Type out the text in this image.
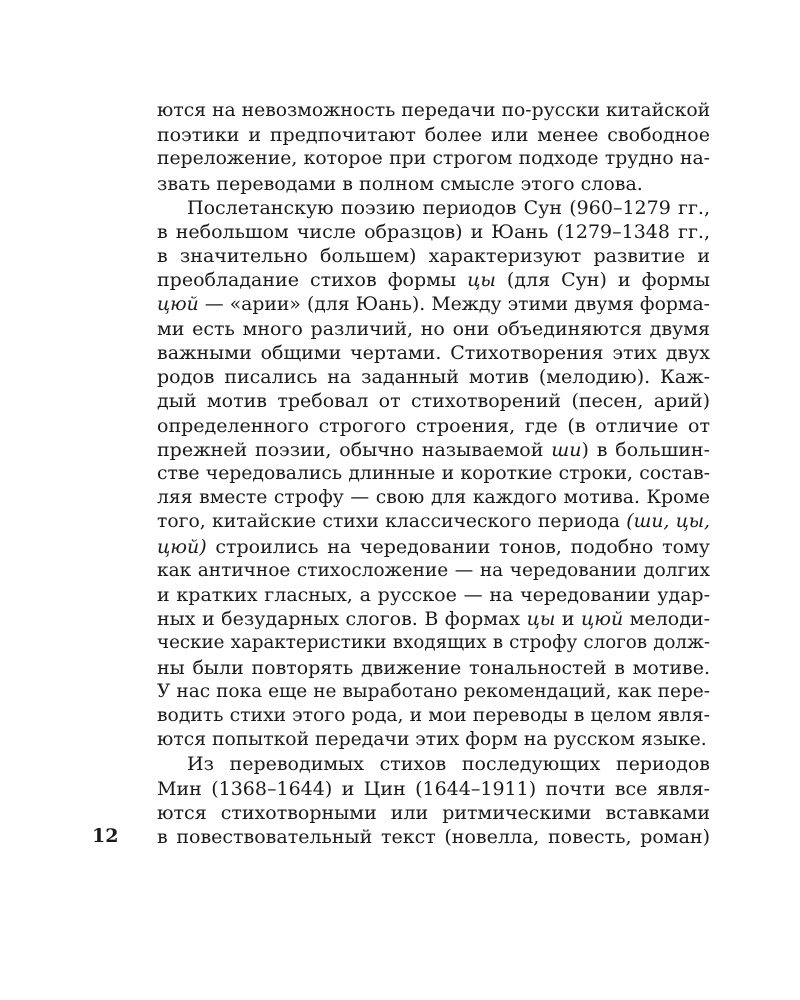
ются на невозможность передачи по-русски китайской
поэтики и предпочитают более или менее свободное
переложение, которое при строгом подходе трудно на-
звать переводами в полном смысле этого слова.
Послетанскую поэзию периодов Сун (960–1279 гг.,
в небольшом числе образцов) и Юань (1279–1348 гг.,
в значительно большем) характеризуют развитие и
преобладание стихов формы цы (для Сун) и формы
цюй — «арии» (для Юань). Между этими двумя форма-
ми есть много различий, но они объединяются двумя
важными общими чертами. Стихотворения этих двух
родов писались на заданный мотив (мелодию). Каж-
дый мотив требовал от стихотворений (песен, арий)
определенного строгого строения, где (в отличие от
прежней поэзии, обычно называемой ши) в большин-
стве чередовались длинные и короткие строки, состав-
ляя вместе строфу — свою для каждого мотива. Кроме
того, китайские стихи классического периода (ши, цы,
цюй) строились на чередовании тонов, подобно тому
как античное стихосложение — на чередовании долгих
и кратких гласных, а русское — на чередовании удар-
ных и безударных слогов. В формах цы и цюй мелоди-
ческие характеристики входящих в строфу слогов долж-
ны были повторять движение тональностей в мотиве.
У нас пока еще не выработано рекомендаций, как пере-
водить стихи этого рода, и мои переводы в целом явля-
ются попыткой передачи этих форм на русском языке.
Из переводимых стихов последующих периодов
Мин (1368–1644) и Цин (1644–1911) почти все явля-
ются стихотворными или ритмическими вставками
в повествовательный текст (новелла, повесть, роман)
12
